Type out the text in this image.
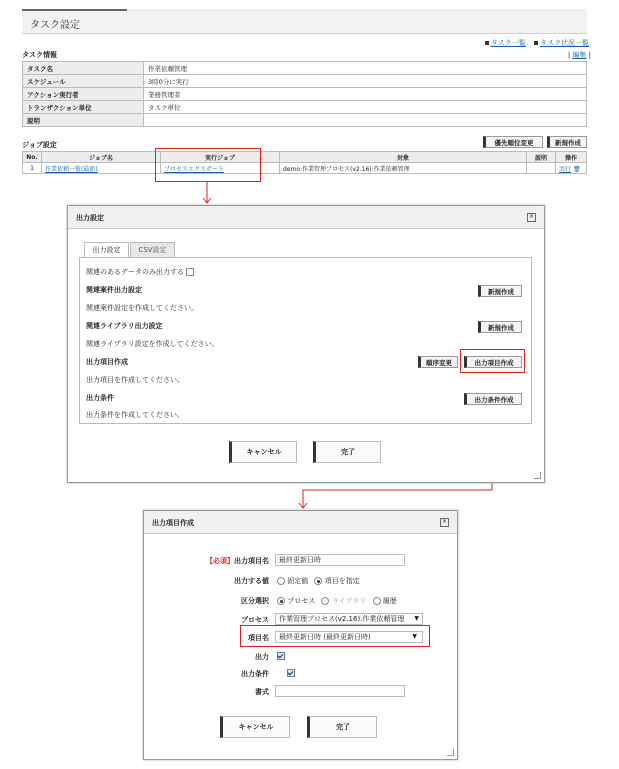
タスク設定
タスク一覧 タスク状況一覧
| 編集 |
タスク情報
タスク名	作業依頼管理
スケジュール	3時0分に実行
アクション実行者	業務管理者
トランザクション単位	タスク単位
説明	
ジョブ設定	優先順位変更	新規作成
No.	ジョブ名	実行ジョブ	対象	説明	操作
1	作業依頼一覧(最新)	プロセスエクスポート	demo:作業管理プロセス(v2.16):作業依頼管理		実行 🗑︎
出力設定	×
出力設定	CSV設定
関連のあるデータのみ出力する
関連案件出力設定	新規作成
関連案件設定を作成してください。
関連ライブラリ出力設定	新規作成
関連ライブラリ設定を作成してください。
出力項目作成	順序変更	出力項目作成
出力項目を作成してください。
出力条件	出力条件作成
出力条件を作成してください。
キャンセル	完了
出力項目作成	×
【必須】出力項目名	最終更新日時
出力する値	固定値 項目を指定
区分選択	プロセス ライブラリ 履歴
プロセス	作業管理プロセス(v2.16).作業依頼管理 ▼
項目名	最終更新日時 (最終更新日時)	▼
出力

出力条件
書式
キャンセル	完了
